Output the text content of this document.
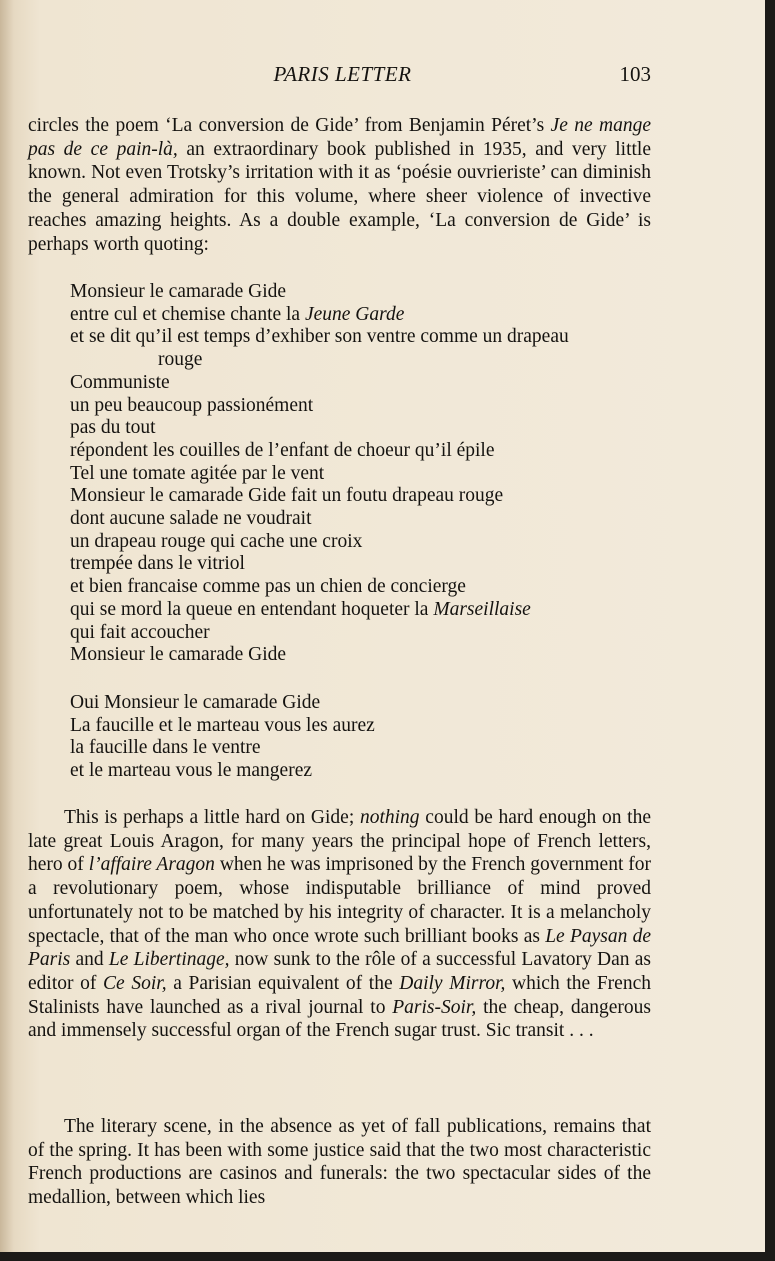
PARIS LETTER	103

circles the poem ‘La conversion de Gide’ from Benjamin Péret’s Je ne mange pas de ce pain-là, an extraordinary book published in 1935, and very little known. Not even Trotsky’s irritation with it as ‘poésie ouvrieriste’ can diminish the general admiration for this volume, where sheer violence of invective reaches amazing heights. As a double example, ‘La conversion de Gide’ is perhaps worth quoting:

Monsieur le camarade Gide
entre cul et chemise chante la Jeune Garde
et se dit qu’il est temps d’exhiber son ventre comme un drapeau
rouge
Communiste
un peu beaucoup passionément
pas du tout
répondent les couilles de l’enfant de choeur qu’il épile
Tel une tomate agitée par le vent
Monsieur le camarade Gide fait un foutu drapeau rouge
dont aucune salade ne voudrait
un drapeau rouge qui cache une croix
trempée dans le vitriol
et bien francaise comme pas un chien de concierge
qui se mord la queue en entendant hoqueter la Marseillaise
qui fait accoucher
Monsieur le camarade Gide
Oui Monsieur le camarade Gide
La faucille et le marteau vous les aurez
la faucille dans le ventre
et le marteau vous le mangerez

This is perhaps a little hard on Gide; nothing could be hard enough on the late great Louis Aragon, for many years the principal hope of French letters, hero of l’affaire Aragon when he was imprisoned by the French government for a revolutionary poem, whose indisputable brilliance of mind proved unfortunately not to be matched by his integrity of character. It is a melancholy spectacle, that of the man who once wrote such brilliant books as Le Paysan de Paris and Le Libertinage, now sunk to the rôle of a successful Lavatory Dan as editor of Ce Soir, a Parisian equivalent of the Daily Mirror, which the French Stalinists have launched as a rival journal to Paris-Soir, the cheap, dangerous and immensely successful organ of the French sugar trust. Sic transit . . .

The literary scene, in the absence as yet of fall publications, remains that of the spring. It has been with some justice said that the two most characteristic French productions are casinos and funerals: the two spectacular sides of the medallion, between which lies
